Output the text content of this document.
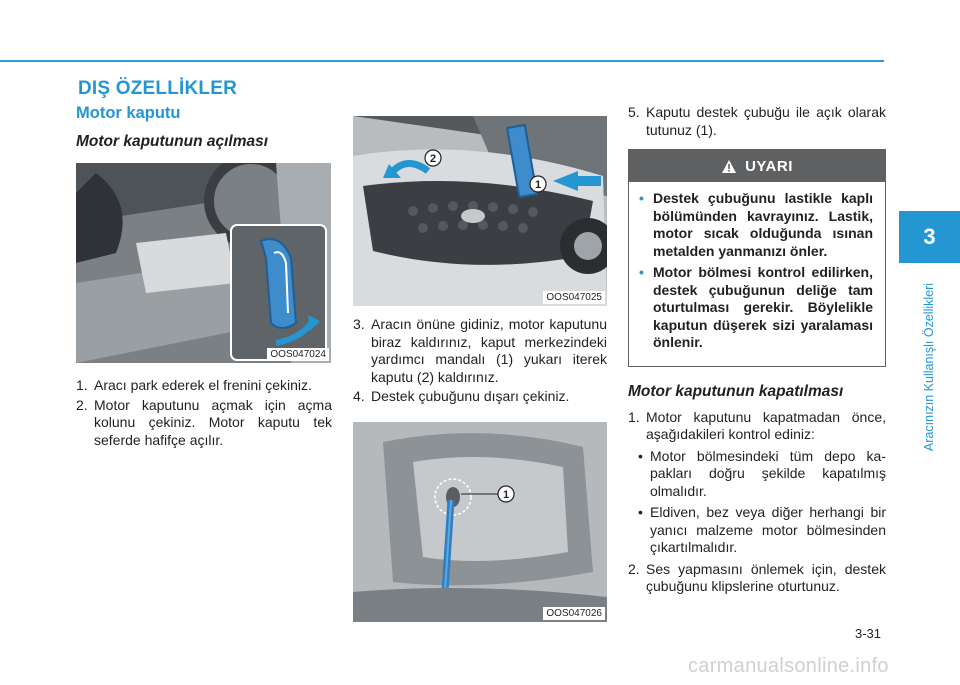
DIŞ ÖZELLİKLER
3
Aracınızın Kullanışlı Özellikleri
Motor kaputu
Motor kaputunun açılması
OOS047024
1. Aracı park ederek el frenini çekiniz.
2. Motor kaputunu açmak için açma kolunu çekiniz. Motor kaputu tek seferde hafifçe açılır.
2
1
OOS047025
3. Aracın önüne gidiniz, motor kaputunu biraz kaldırınız, kaput merkezindeki yardımcı mandalı (1) yukarı iterek kaputu (2) kaldırınız.
4. Destek çubuğunu dışarı çekiniz.
1
OOS047026
5. Kaputu destek çubuğu ile açık olarak tutunuz (1).
UYARI
• Destek çubuğunu lastikle kaplı bölümünden kavrayınız. Lastik, motor sıcak olduğunda ısınan metalden yanmanızı önler.
• Motor bölmesi kontrol edilirken, destek çubuğunun deliğe tam oturtulması gerekir. Böylelikle kaputun düşerek sizi yaralaması önlenir.
Motor kaputunun kapatılması
1. Motor kaputunu kapatmadan önce, aşağıdakileri kontrol ediniz:
• Motor bölmesindeki tüm depo kapakları doğru şekilde kapatılmış olmalıdır.
• Eldiven, bez veya diğer herhangi bir yanıcı malzeme motor bölmesinden çıkartılmalıdır.
2. Ses yapmasını önlemek için, destek çubuğunu klipslerine oturtunuz.
3-31
carmanualsonline.info
